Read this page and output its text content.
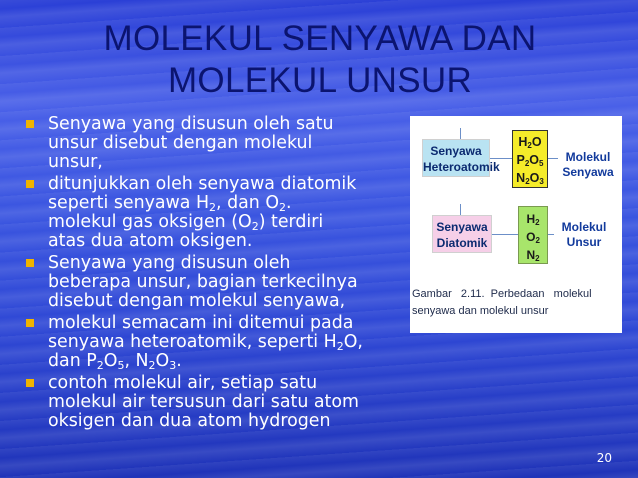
MOLEKUL SENYAWA DAN
MOLEKUL UNSUR
Senyawa yang disusun oleh satu
unsur disebut dengan molekul
unsur,
ditunjukkan oleh senyawa diatomik
seperti senyawa $H_2$, dan $O_2$.
molekul gas oksigen $(O_2)$ terdiri
atas dua atom oksigen.
Senyawa yang disusun oleh
beberapa unsur, bagian terkecilnya
disebut dengan molekul senyawa,
molekul semacam ini ditemui pada
senyawa heteroatomik, seperti $H_2O$,
dan $P_2O_5$, $N_2O_3$.
contoh molekul air, setiap satu
molekul air tersusun dari satu atom
oksigen dan dua atom hydrogen
Senyawa
Heteroatomik
$H_2O$
$P_2O_5$
$N_2O_3$
Molekul
Senyawa
Senyawa
Diatomik
$H_2$
$O_2$
$N_2$
Molekul
Unsur
Gambar   2.11.  Perbedaan   molekul
senyawa dan molekul unsur
20
